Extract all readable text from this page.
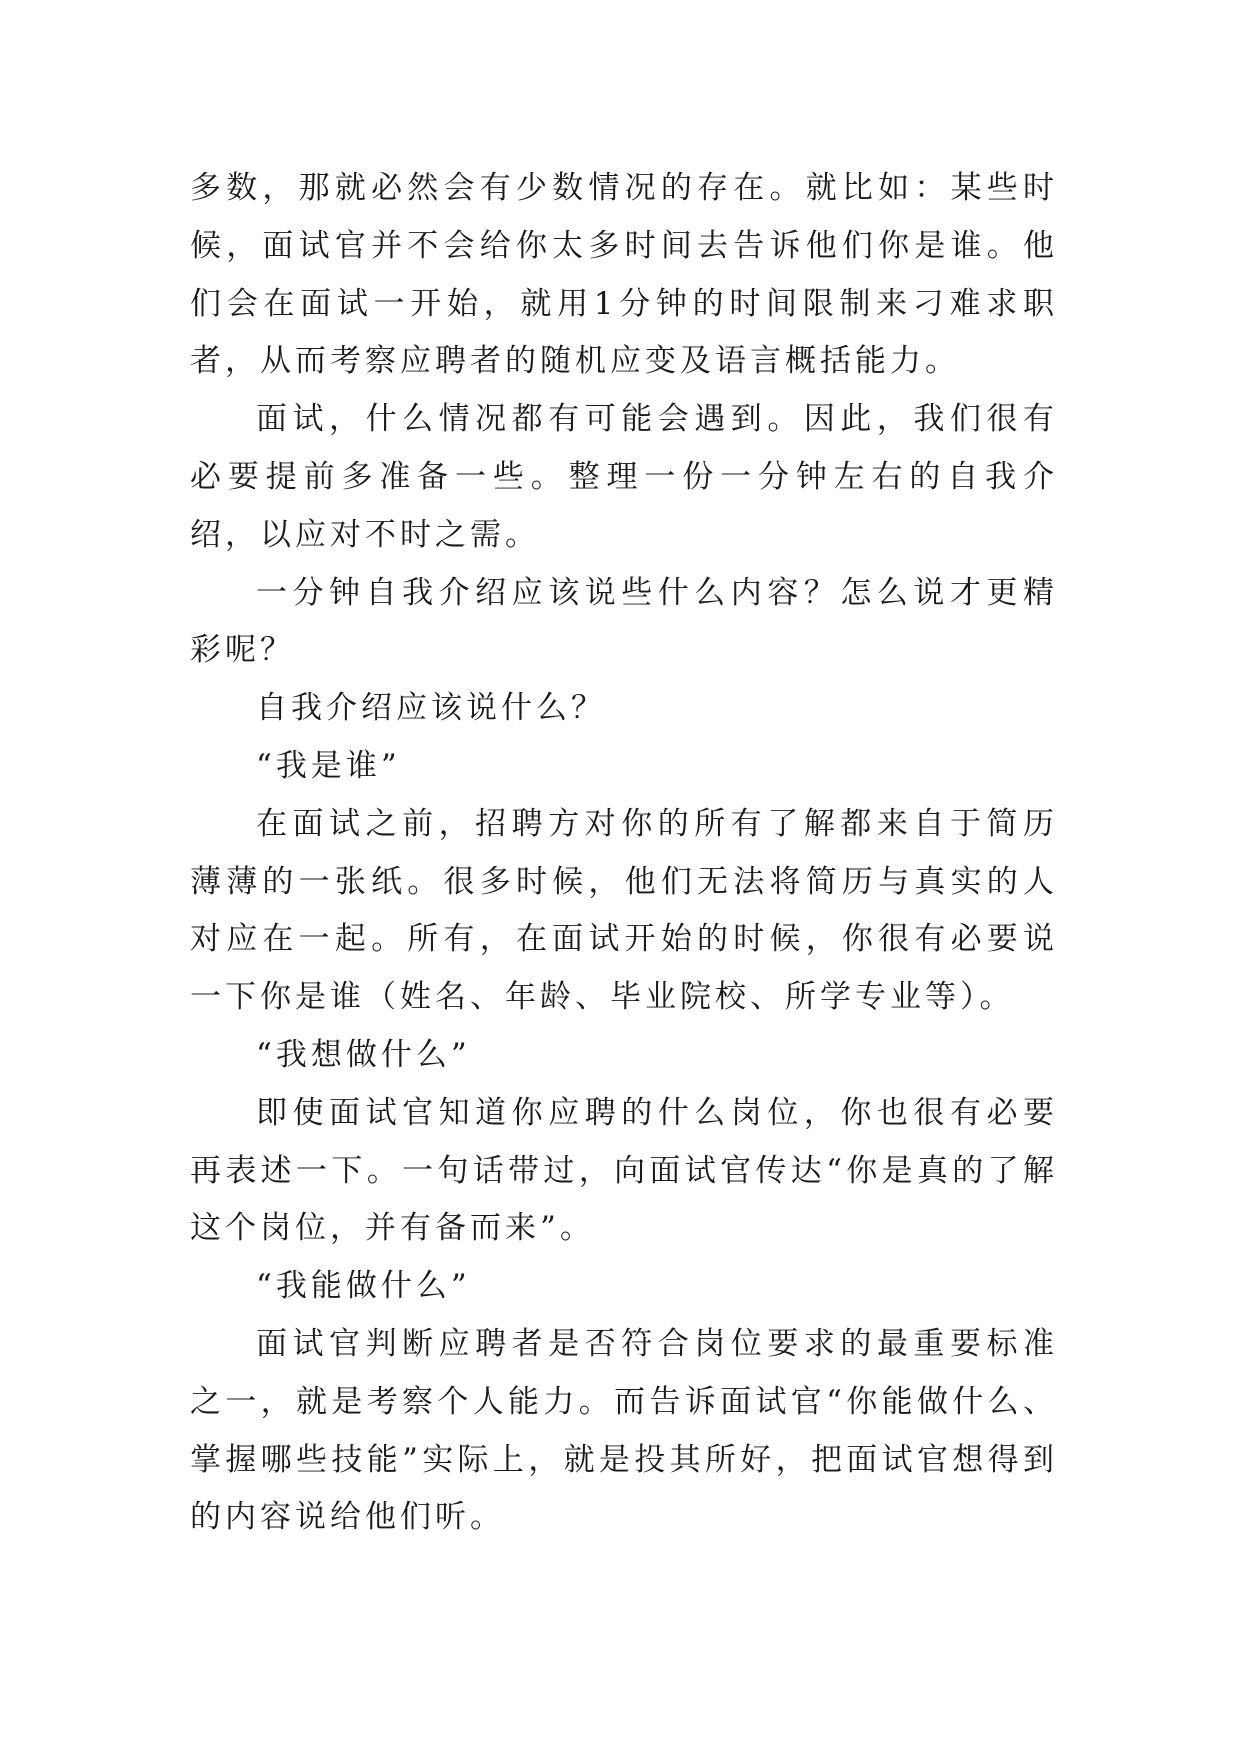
多数，那就必然会有少数情况的存在。就比如：某些时候，面试官并不会给你太多时间去告诉他们你是谁。他们会在面试一开始，就用1分钟的时间限制来刁难求职者，从而考察应聘者的随机应变及语言概括能力。

面试，什么情况都有可能会遇到。因此，我们很有必要提前多准备一些。整理一份一分钟左右的自我介绍，以应对不时之需。

一分钟自我介绍应该说些什么内容？怎么说才更精彩呢？

自我介绍应该说什么？

“我是谁”

在面试之前，招聘方对你的所有了解都来自于简历薄薄的一张纸。很多时候，他们无法将简历与真实的人对应在一起。所有，在面试开始的时候，你很有必要说一下你是谁（姓名、年龄、毕业院校、所学专业等）。

“我想做什么”

即使面试官知道你应聘的什么岗位，你也很有必要再表述一下。一句话带过，向面试官传达“你是真的了解这个岗位，并有备而来”。

“我能做什么”

面试官判断应聘者是否符合岗位要求的最重要标准之一，就是考察个人能力。而告诉面试官“你能做什么、掌握哪些技能”实际上，就是投其所好，把面试官想得到的内容说给他们听。
